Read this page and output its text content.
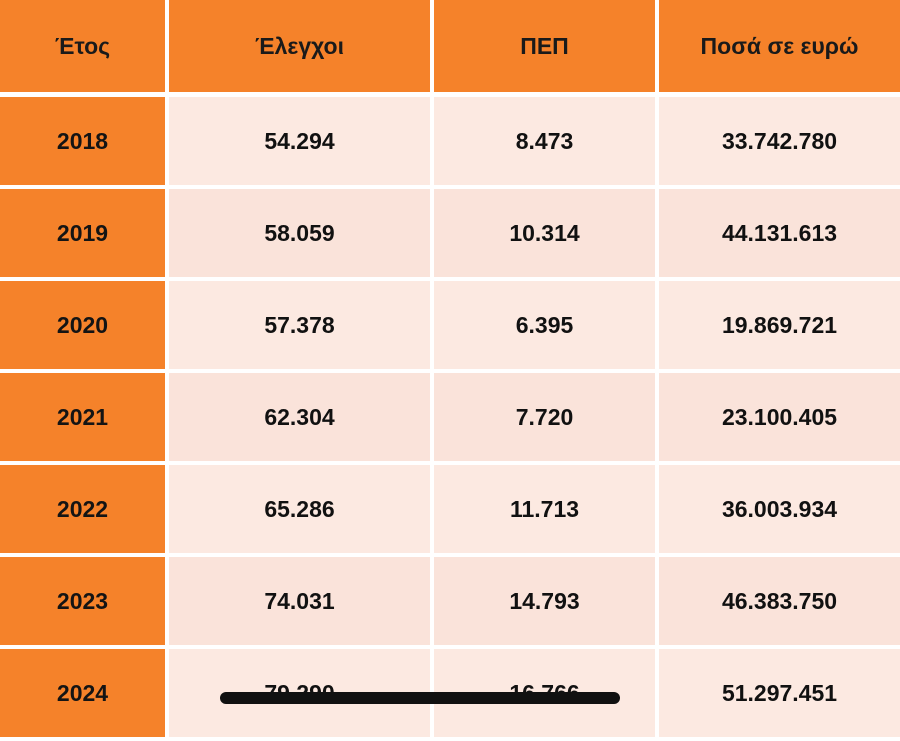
Έτος	Έλεγχοι	ΠΕΠ	Ποσά σε ευρώ
2018	54.294	8.473	33.742.780
2019	58.059	10.314	44.131.613
2020	57.378	6.395	19.869.721
2021	62.304	7.720	23.100.405
2022	65.286	11.713	36.003.934
2023	74.031	14.793	46.383.750
2024			51.297.451
